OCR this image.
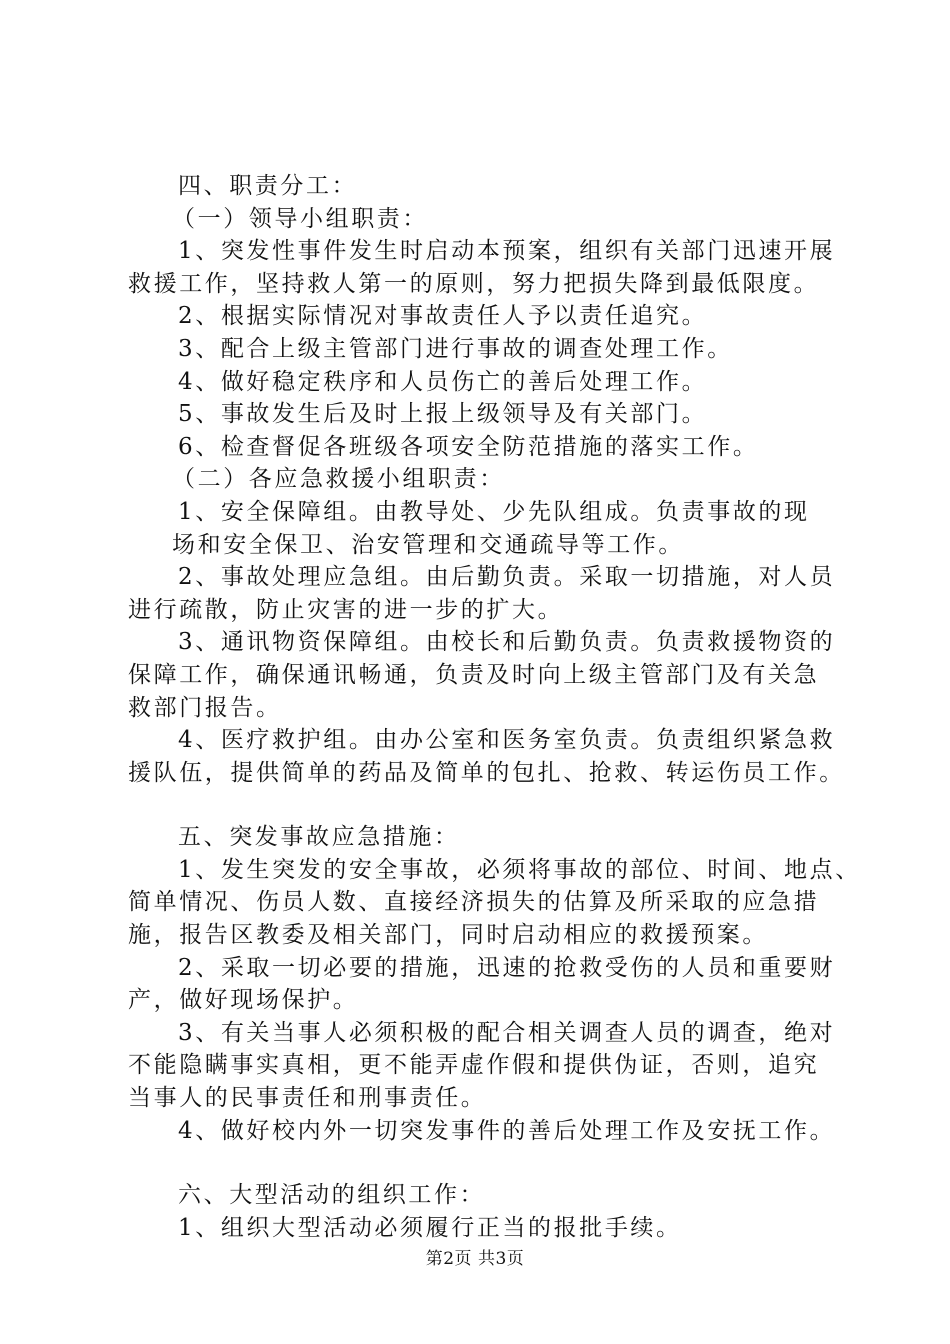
四、职责分工：

（一）领导小组职责：

1、突发性事件发生时启动本预案，组织有关部门迅速开展

救援工作，坚持救人第一的原则，努力把损失降到最低限度。

2、根据实际情况对事故责任人予以责任追究。

3、配合上级主管部门进行事故的调查处理工作。

4、做好稳定秩序和人员伤亡的善后处理工作。

5、事故发生后及时上报上级领导及有关部门。

6、检查督促各班级各项安全防范措施的落实工作。

（二）各应急救援小组职责：

1、安全保障组。由教导处、少先队组成。负责事故的现

场和安全保卫、治安管理和交通疏导等工作。

2、事故处理应急组。由后勤负责。采取一切措施，对人员

进行疏散，防止灾害的进一步的扩大。

3、通讯物资保障组。由校长和后勤负责。负责救援物资的

保障工作，确保通讯畅通，负责及时向上级主管部门及有关急

救部门报告。

4、医疗救护组。由办公室和医务室负责。负责组织紧急救

援队伍，提供简单的药品及简单的包扎、抢救、转运伤员工作。

五、突发事故应急措施：

1、发生突发的安全事故，必须将事故的部位、时间、地点、

简单情况、伤员人数、直接经济损失的估算及所采取的应急措

施，报告区教委及相关部门，同时启动相应的救援预案。

2、采取一切必要的措施，迅速的抢救受伤的人员和重要财

产，做好现场保护。

3、有关当事人必须积极的配合相关调查人员的调查，绝对

不能隐瞒事实真相，更不能弄虚作假和提供伪证，否则，追究

当事人的民事责任和刑事责任。

4、做好校内外一切突发事件的善后处理工作及安抚工作。

六、大型活动的组织工作：

1、组织大型活动必须履行正当的报批手续。

第2页 共3页
